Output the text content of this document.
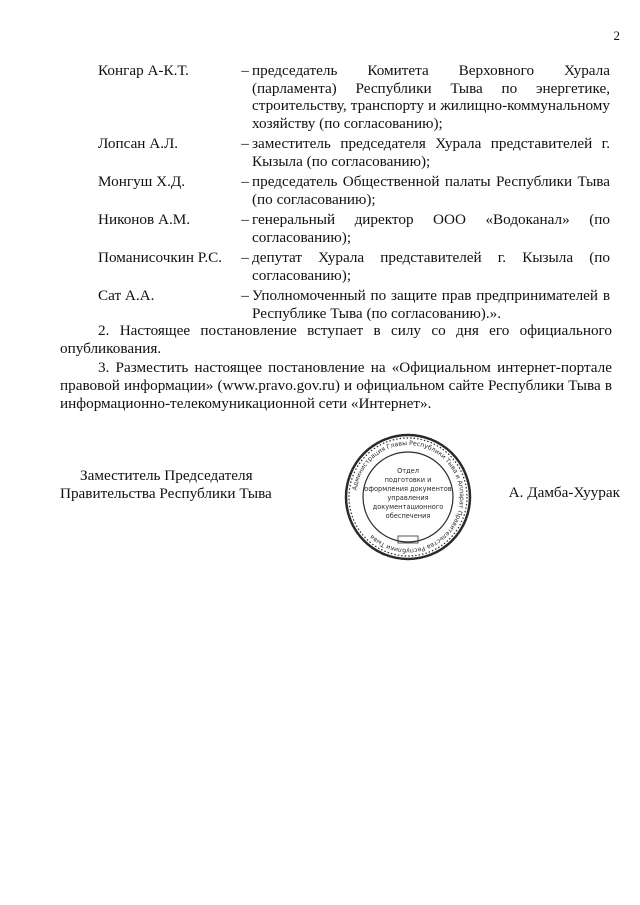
2
Конгар А-К.Т.	– председатель Комитета Верховного Хурала (парламента) Республики Тыва по энергетике, строительству, транспорту и жилищно-коммунальному хозяйству (по согласованию);
Лопсан А.Л.	– заместитель председателя Хурала представителей г. Кызыла (по согласованию);
Монгуш Х.Д.	– председатель Общественной палаты Республики Тыва (по согласованию);
Никонов А.М.	– генеральный директор ООО «Водоканал» (по согласованию);
Поманисочкин Р.С.	– депутат Хурала представителей г. Кызыла (по согласованию);
Сат А.А.	– Уполномоченный по защите прав предпринимателей в Республике Тыва (по согласованию).».

2. Настоящее постановление вступает в силу со дня его официального опубликования.

3. Разместить настоящее постановление на «Официальном интернет-портале правовой информации» (www.pravo.gov.ru) и официальном сайте Республики Тыва в информационно-телекомуникационной сети «Интернет».

Заместитель Председателя
Правительства Республики Тыва	Администрация Главы Республики Тыва и Аппарат Правительства Республики Тыва
Отдел
подготовки и
оформления документов
управления
документационного
обеспечения
А. Дамба-Хуурак
